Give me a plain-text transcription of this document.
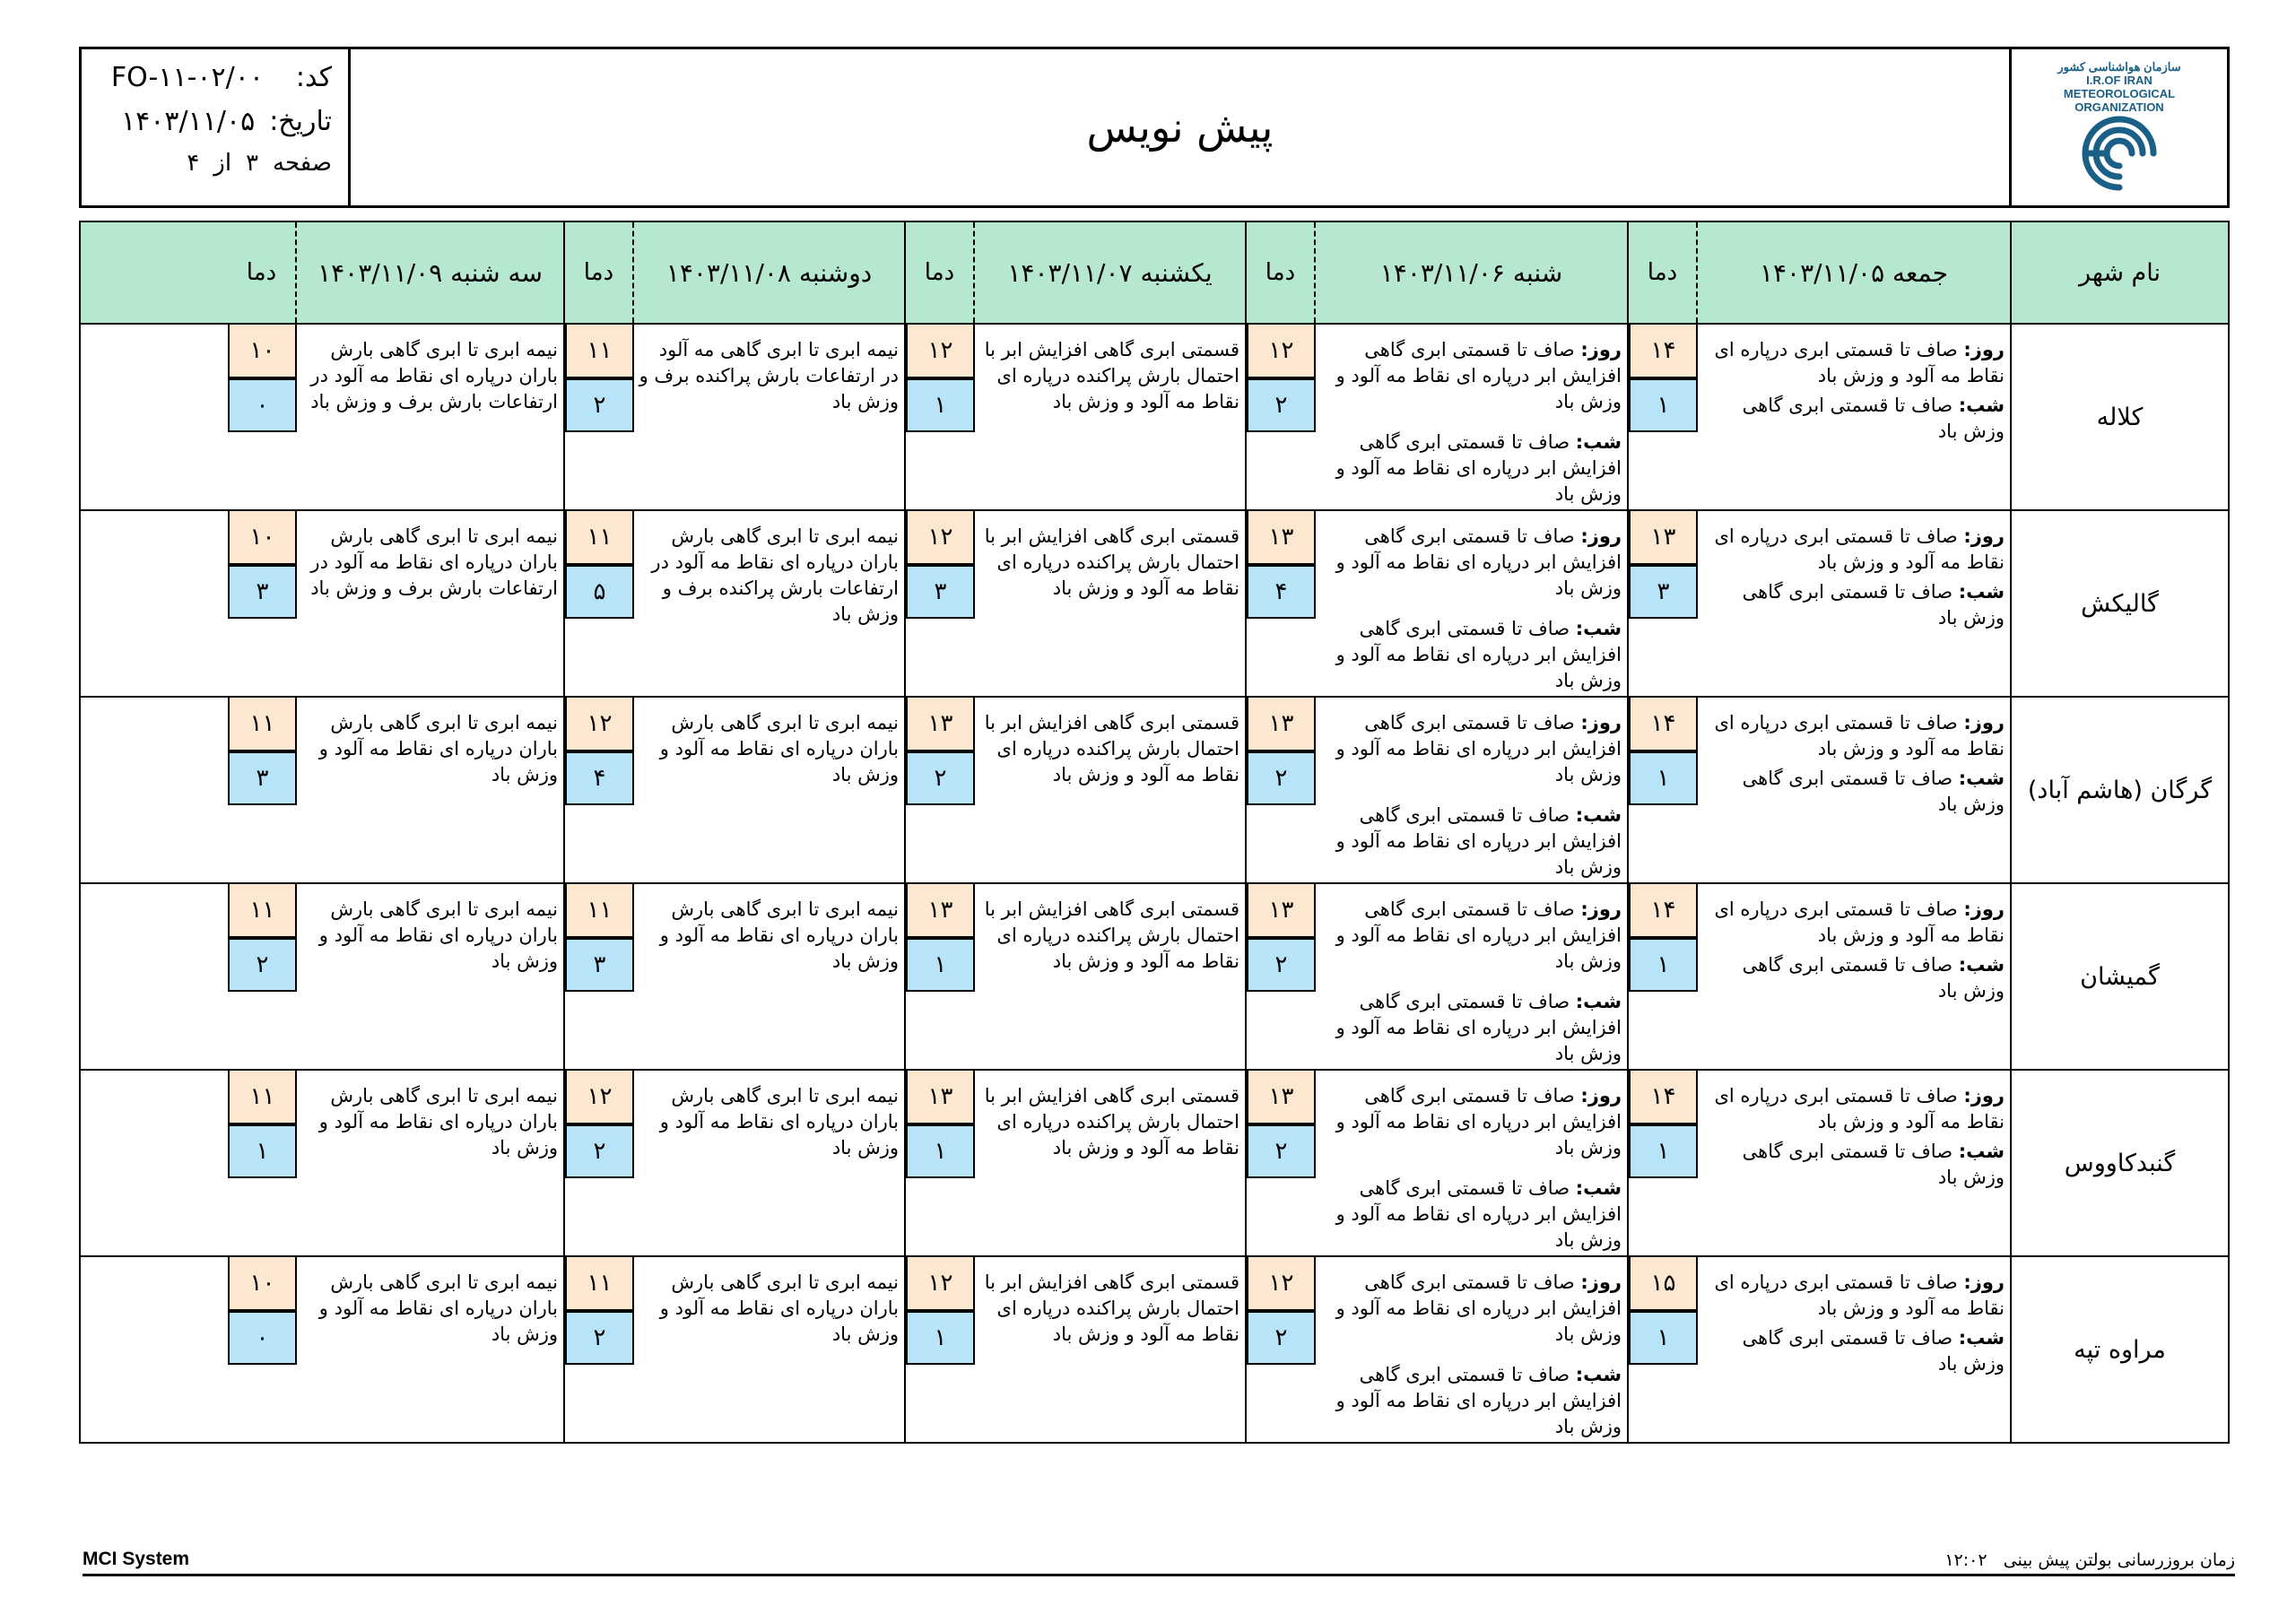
سازمان هواشناسی کشور
I.R.OF IRAN
METEOROLOGICAL
ORGANIZATION
پیش نویس
کد:
FO-۱۱-۰۲/۰۰
تاریخ:
۱۴۰۳/۱۱/۰۵
صفحه
۳
از
۴
نام شهر
جمعه ۱۴۰۳/۱۱/۰۵
دما
شنبه ۱۴۰۳/۱۱/۰۶
دما
یکشنبه ۱۴۰۳/۱۱/۰۷
دما
دوشنبه ۱۴۰۳/۱۱/۰۸
دما
سه شنبه ۱۴۰۳/۱۱/۰۹
دما
کلاله
روز: صاف تا قسمتی ابری درپاره ای نقاط مه آلود و وزش باد
شب: صاف تا قسمتی ابری گاهی وزش باد
۱۴
۱
روز: صاف تا قسمتی ابری گاهی افزایش ابر درپاره ای نقاط مه آلود و وزش باد
شب: صاف تا قسمتی ابری گاهی افزایش ابر درپاره ای نقاط مه آلود و وزش باد
۱۲
۲
قسمتی ابری گاهی افزایش ابر با احتمال بارش پراکنده درپاره ای نقاط مه آلود و وزش باد
۱۲
۱
نیمه ابری تا ابری گاهی مه آلود در ارتفاعات بارش پراکنده برف و وزش باد
۱۱
۲
نیمه ابری تا ابری گاهی بارش باران درپاره ای نقاط مه آلود در ارتفاعات بارش برف و وزش باد
۱۰
۰
گالیکش
روز: صاف تا قسمتی ابری درپاره ای نقاط مه آلود و وزش باد
شب: صاف تا قسمتی ابری گاهی وزش باد
۱۳
۳
روز: صاف تا قسمتی ابری گاهی افزایش ابر درپاره ای نقاط مه آلود و وزش باد
شب: صاف تا قسمتی ابری گاهی افزایش ابر درپاره ای نقاط مه آلود و وزش باد
۱۳
۴
قسمتی ابری گاهی افزایش ابر با احتمال بارش پراکنده درپاره ای نقاط مه آلود و وزش باد
۱۲
۳
نیمه ابری تا ابری گاهی بارش باران درپاره ای نقاط مه آلود در ارتفاعات بارش پراکنده برف و وزش باد
۱۱
۵
نیمه ابری تا ابری گاهی بارش باران درپاره ای نقاط مه آلود در ارتفاعات بارش برف و وزش باد
۱۰
۳
گرگان (هاشم آباد)
روز: صاف تا قسمتی ابری درپاره ای نقاط مه آلود و وزش باد
شب: صاف تا قسمتی ابری گاهی وزش باد
۱۴
۱
روز: صاف تا قسمتی ابری گاهی افزایش ابر درپاره ای نقاط مه آلود و وزش باد
شب: صاف تا قسمتی ابری گاهی افزایش ابر درپاره ای نقاط مه آلود و وزش باد
۱۳
۲
قسمتی ابری گاهی افزایش ابر با احتمال بارش پراکنده درپاره ای نقاط مه آلود و وزش باد
۱۳
۲
نیمه ابری تا ابری گاهی بارش باران درپاره ای نقاط مه آلود و وزش باد
۱۲
۴
نیمه ابری تا ابری گاهی بارش باران درپاره ای نقاط مه آلود و وزش باد
۱۱
۳
گمیشان
روز: صاف تا قسمتی ابری درپاره ای نقاط مه آلود و وزش باد
شب: صاف تا قسمتی ابری گاهی وزش باد
۱۴
۱
روز: صاف تا قسمتی ابری گاهی افزایش ابر درپاره ای نقاط مه آلود و وزش باد
شب: صاف تا قسمتی ابری گاهی افزایش ابر درپاره ای نقاط مه آلود و وزش باد
۱۳
۲
قسمتی ابری گاهی افزایش ابر با احتمال بارش پراکنده درپاره ای نقاط مه آلود و وزش باد
۱۳
۱
نیمه ابری تا ابری گاهی بارش باران درپاره ای نقاط مه آلود و وزش باد
۱۱
۳
نیمه ابری تا ابری گاهی بارش باران درپاره ای نقاط مه آلود و وزش باد
۱۱
۲
گنبدکاووس
روز: صاف تا قسمتی ابری درپاره ای نقاط مه آلود و وزش باد
شب: صاف تا قسمتی ابری گاهی وزش باد
۱۴
۱
روز: صاف تا قسمتی ابری گاهی افزایش ابر درپاره ای نقاط مه آلود و وزش باد
شب: صاف تا قسمتی ابری گاهی افزایش ابر درپاره ای نقاط مه آلود و وزش باد
۱۳
۲
قسمتی ابری گاهی افزایش ابر با احتمال بارش پراکنده درپاره ای نقاط مه آلود و وزش باد
۱۳
۱
نیمه ابری تا ابری گاهی بارش باران درپاره ای نقاط مه آلود و وزش باد
۱۲
۲
نیمه ابری تا ابری گاهی بارش باران درپاره ای نقاط مه آلود و وزش باد
۱۱
۱
مراوه تپه
روز: صاف تا قسمتی ابری درپاره ای نقاط مه آلود و وزش باد
شب: صاف تا قسمتی ابری گاهی وزش باد
۱۵
۱
روز: صاف تا قسمتی ابری گاهی افزایش ابر درپاره ای نقاط مه آلود و وزش باد
شب: صاف تا قسمتی ابری گاهی افزایش ابر درپاره ای نقاط مه آلود و وزش باد
۱۲
۲
قسمتی ابری گاهی افزایش ابر با احتمال بارش پراکنده درپاره ای نقاط مه آلود و وزش باد
۱۲
۱
نیمه ابری تا ابری گاهی بارش باران درپاره ای نقاط مه آلود و وزش باد
۱۱
۲
نیمه ابری تا ابری گاهی بارش باران درپاره ای نقاط مه آلود و وزش باد
۱۰
۰
MCI System	زمان بروزرسانی بولتن پیش بینی   ۱۲:۰۲
